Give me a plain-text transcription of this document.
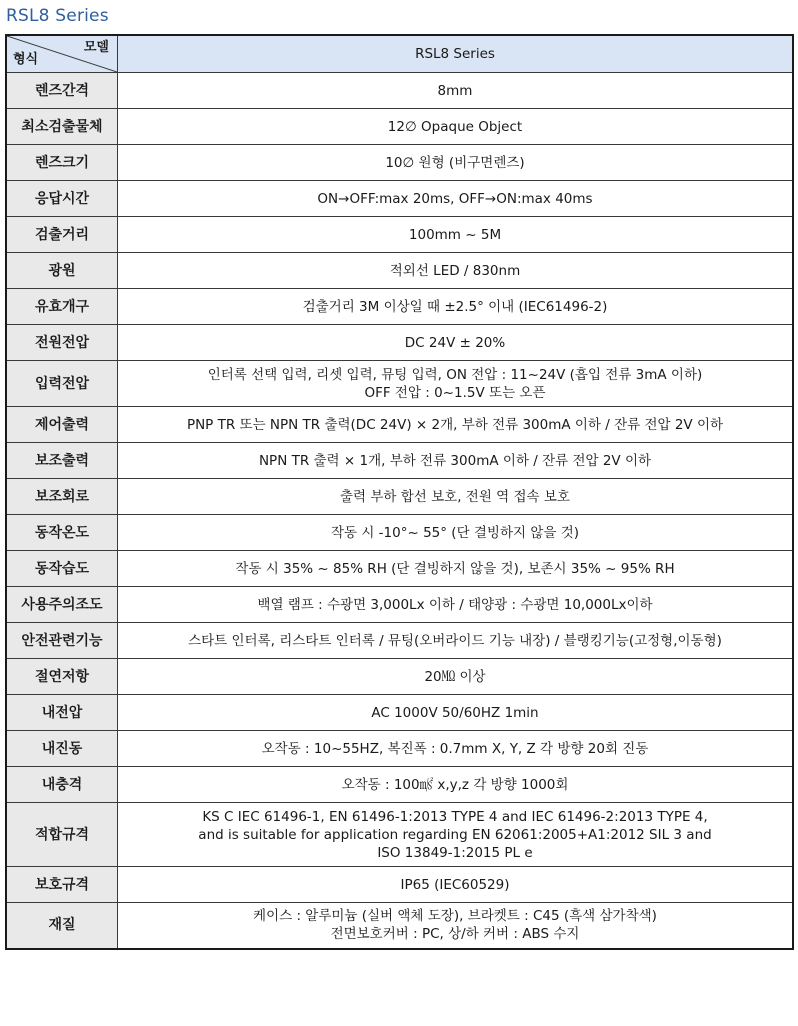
RSL8 Series
모델
형식	RSL8 Series
렌즈간격	8mm
최소검출물체	12∅ Opaque Object
렌즈크기	10∅ 원형 (비구면렌즈)
응답시간	ON→OFF:max 20ms, OFF→ON:max 40ms
검출거리	100mm ~ 5M
광원	적외선 LED / 830nm
유효개구	검출거리 3M 이상일 때 ±2.5° 이내 (IEC61496-2)
전원전압	DC 24V ± 20%
입력전압	인터록 선택 입력, 리셋 입력, 뮤팅 입력, ON 전압 : 11~24V (흡입 전류 3mA 이하)
OFF 전압 : 0~1.5V 또는 오픈
제어출력	PNP TR 또는 NPN TR 출력(DC 24V) × 2개, 부하 전류 300mA 이하 / 잔류 전압 2V 이하
보조출력	NPN TR 출력 × 1개, 부하 전류 300mA 이하 / 잔류 전압 2V 이하
보조회로	출력 부하 합선 보호, 전원 역 접속 보호
동작온도	작동 시 -10°~ 55° (단 결빙하지 않을 것)
동작습도	작동 시 35% ~ 85% RH (단 결빙하지 않을 것), 보존시 35% ~ 95% RH
사용주의조도	백열 램프 : 수광면 3,000Lx 이하 / 태양광 : 수광면 10,000Lx이하
안전관련기능	스타트 인터록, 리스타트 인터록 / 뮤팅(오버라이드 기능 내장) / 블랭킹기능(고정형,이동형)
절연저항	20㏁ 이상
내전압	AC 1000V 50/60HZ 1min
내진동	오작동 : 10~55HZ, 복진폭 : 0.7mm X, Y, Z 각 방향 20회 진동
내충격	오작동 : 100㎨ x,y,z 각 방향 1000회
적합규격	KS C IEC 61496-1, EN 61496-1:2013 TYPE 4 and IEC 61496-2:2013 TYPE 4,
and is suitable for application regarding EN 62061:2005+A1:2012 SIL 3 and
ISO 13849-1:2015 PL e
보호규격	IP65 (IEC60529)
재질	케이스 : 알루미늄 (실버 액체 도장), 브라켓트 : C45 (흑색 삼가착색)
전면보호커버 : PC, 상/하 커버 : ABS 수지
